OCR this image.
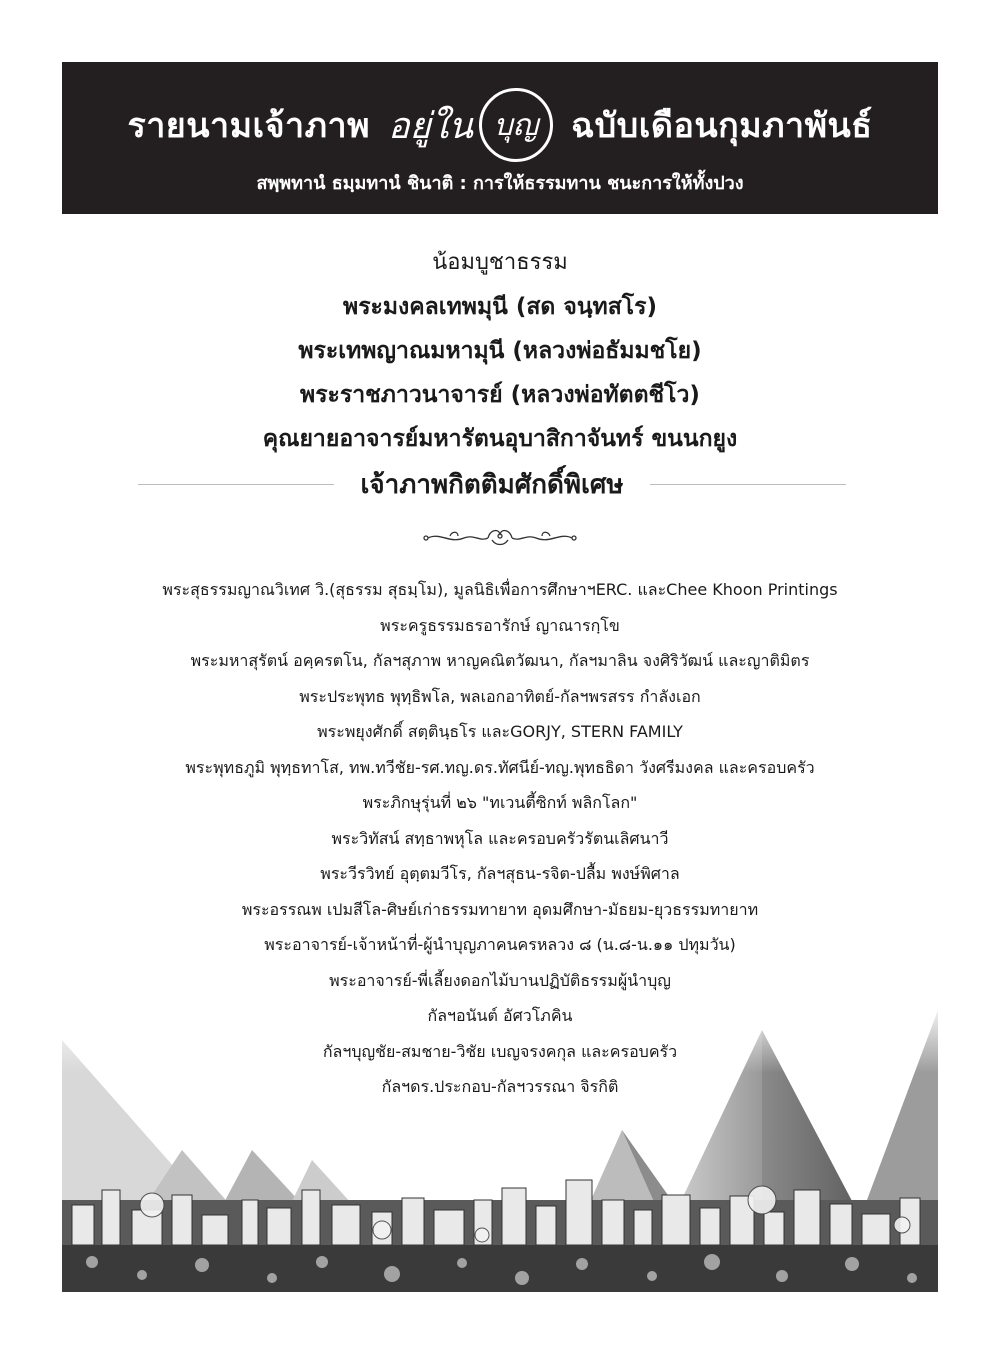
รายนามเจ้าภาพ อยู่ใน บุญ ฉบับเดือนกุมภาพันธ์
สพฺพทานํ ธมฺมทานํ ชินาติ : การให้ธรรมทาน ชนะการให้ทั้งปวง

น้อมบูชาธรรม

พระมงคลเทพมุนี (สด จนฺทสโร)

พระเทพญาณมหามุนี (หลวงพ่อธัมมชโย)

พระราชภาวนาจารย์ (หลวงพ่อทัตตชีโว)

คุณยายอาจารย์มหารัตนอุบาสิกาจันทร์ ขนนกยูง

เจ้าภาพกิตติมศักดิ์พิเศษ

พระสุธรรมญาณวิเทศ วิ.(สุธรรม สุธมฺโม), มูลนิธิเพื่อการศึกษาฯERC. และChee Khoon Printings

พระครูธรรมธรอารักษ์ ญาณารกฺโข

พระมหาสุรัตน์ อคฺครตโน, กัลฯสุภาพ หาญคณิตวัฒนา, กัลฯมาลิน จงศิริวัฒน์ และญาติมิตร

พระประพุทธ พุทฺธิพโล, พลเอกอาทิตย์-กัลฯพรสรร กำลังเอก

พระพยุงศักดิ์ สตฺตินฺธโร และGORJY, STERN FAMILY

พระพุทธภูมิ พุทฺธทาโส, ทพ.ทวีชัย-รศ.ทญ.ดร.ทัศนีย์-ทญ.พุทธธิดา วังศรีมงคล และครอบครัว

พระภิกษุรุ่นที่ ๒๖ "ทเวนตี้ซิกท์ พลิกโลก"

พระวิทัสน์ สทฺธาพหุโล และครอบครัวรัตนเลิศนาวี

พระวีรวิทย์ อุตฺตมวีโร, กัลฯสุธน-รจิต-ปลื้ม พงษ์พิศาล

พระอรรณพ เปมสีโล-ศิษย์เก่าธรรมทายาท อุดมศึกษา-มัธยม-ยุวธรรมทายาท

พระอาจารย์-เจ้าหน้าที่-ผู้นำบุญภาคนครหลวง ๘ (น.๘-น.๑๑ ปทุมวัน)

พระอาจารย์-พี่เลี้ยงดอกไม้บานปฏิบัติธรรมผู้นำบุญ

กัลฯอนันต์ อัศวโภคิน

กัลฯบุญชัย-สมชาย-วิชัย เบญจรงคกุล และครอบครัว

กัลฯดร.ประกอบ-กัลฯวรรณา จิรกิติ
